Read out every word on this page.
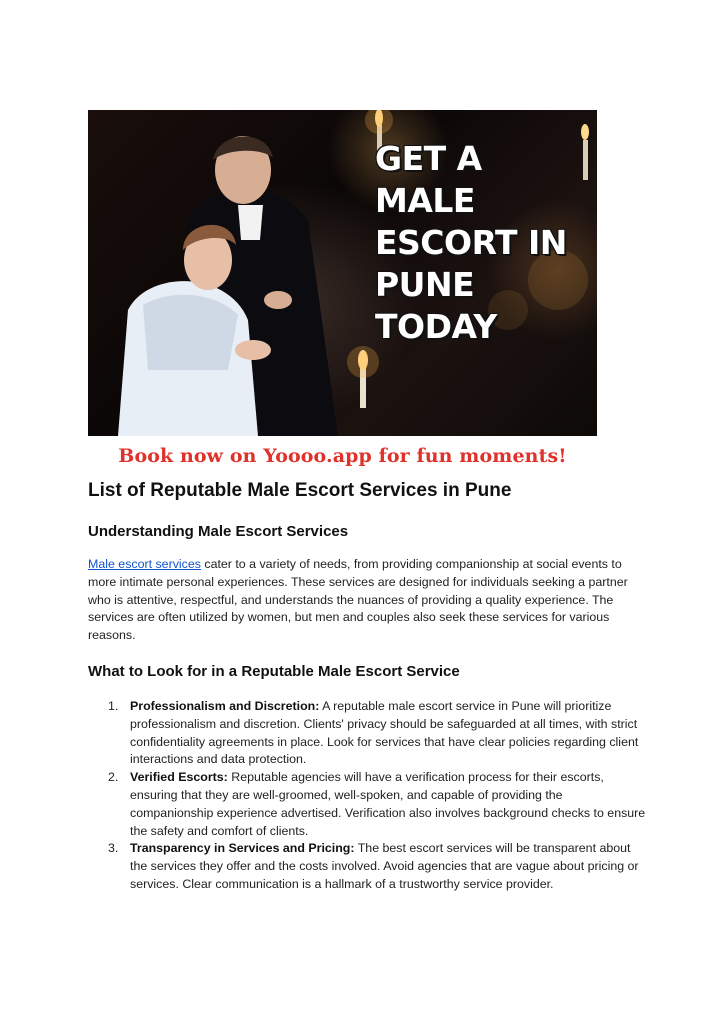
GET A
MALE
ESCORT IN
PUNE
TODAY
Book now on Yoooo.app for fun moments!
List of Reputable Male Escort Services in Pune
Understanding Male Escort Services

Male escort services cater to a variety of needs, from providing companionship at social events to more intimate personal experiences. These services are designed for individuals seeking a partner who is attentive, respectful, and understands the nuances of providing a quality experience. The services are often utilized by women, but men and couples also seek these services for various reasons.

What to Look for in a Reputable Male Escort Service
1. Professionalism and Discretion: A reputable male escort service in Pune will prioritize professionalism and discretion. Clients' privacy should be safeguarded at all times, with strict confidentiality agreements in place. Look for services that have clear policies regarding client interactions and data protection.
2. Verified Escorts: Reputable agencies will have a verification process for their escorts, ensuring that they are well-groomed, well-spoken, and capable of providing the companionship experience advertised. Verification also involves background checks to ensure the safety and comfort of clients.
3. Transparency in Services and Pricing: The best escort services will be transparent about the services they offer and the costs involved. Avoid agencies that are vague about pricing or services. Clear communication is a hallmark of a trustworthy service provider.
